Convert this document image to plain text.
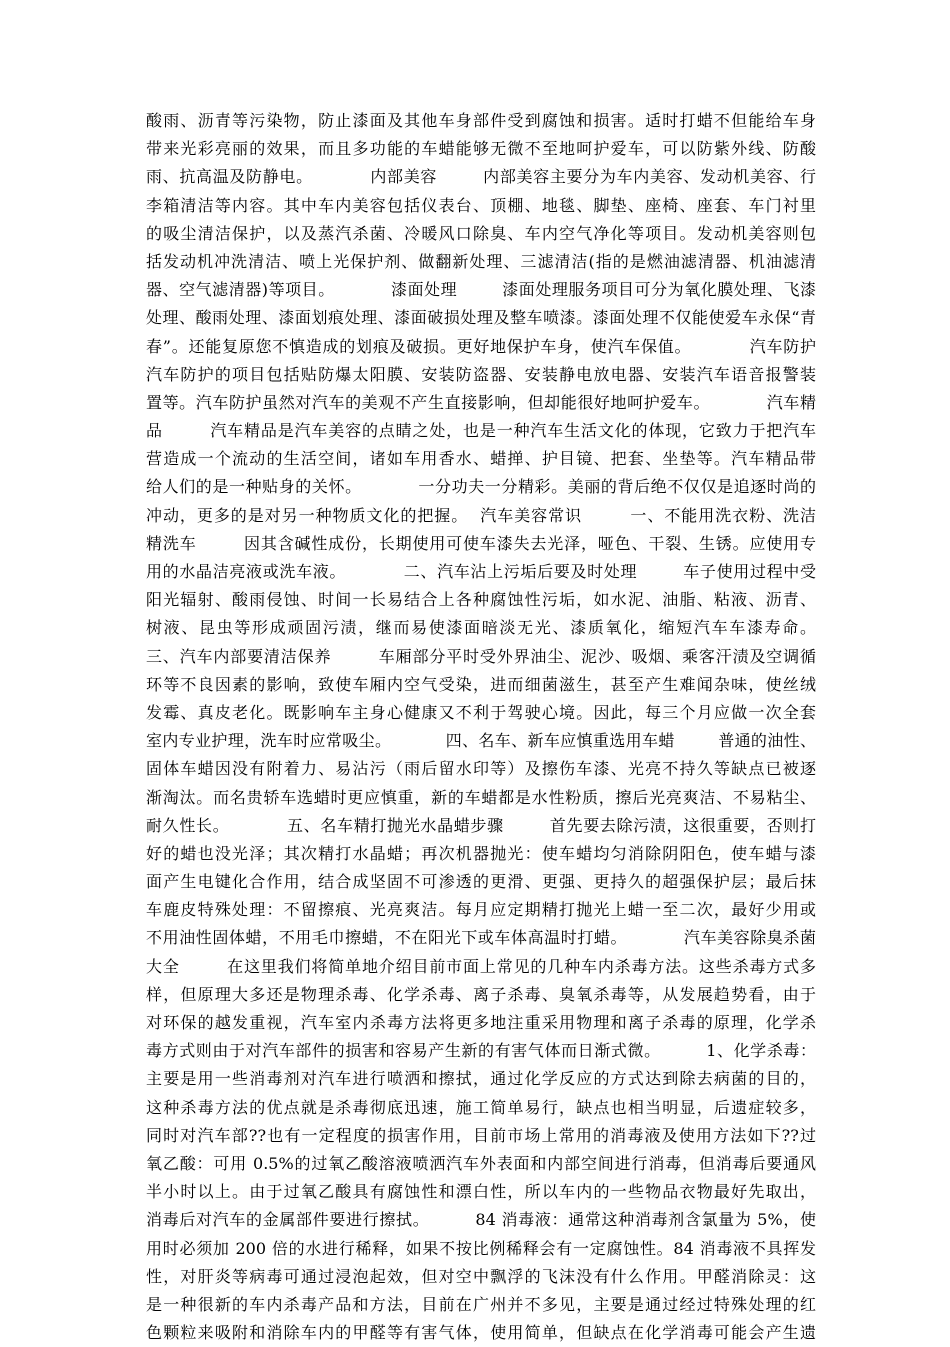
酸雨、沥青等污染物，防止漆面及其他车身部件受到腐蚀和损害。适时打蜡不但能给车身
带来光彩亮丽的效果，而且多功能的车蜡能够无微不至地呵护爱车，可以防紫外线、防酸
雨、抗高温及防静电。          内部美容        内部美容主要分为车内美容、发动机美容、行
李箱清洁等内容。其中车内美容包括仪表台、顶棚、地毯、脚垫、座椅、座套、车门衬里
的吸尘清洁保护，以及蒸汽杀菌、冷暖风口除臭、车内空气净化等项目。发动机美容则包
括发动机冲洗清洁、喷上光保护剂、做翻新处理、三滤清洁(指的是燃油滤清器、机油滤清
器、空气滤清器)等项目。          漆面处理        漆面处理服务项目可分为氧化膜处理、飞漆
处理、酸雨处理、漆面划痕处理、漆面破损处理及整车喷漆。漆面处理不仅能使爱车永保“青
春”。还能复原您不慎造成的划痕及破损。更好地保护车身，使汽车保值。          汽车防护
汽车防护的项目包括贴防爆太阳膜、安装防盗器、安装静电放电器、安装汽车语音报警装
置等。汽车防护虽然对汽车的美观不产生直接影响，但却能很好地呵护爱车。          汽车精
品        汽车精品是汽车美容的点睛之处，也是一种汽车生活文化的体现，它致力于把汽车
营造成一个流动的生活空间，诸如车用香水、蜡掸、护目镜、把套、坐垫等。汽车精品带
给人们的是一种贴身的关怀。          一分功夫一分精彩。美丽的背后绝不仅仅是追逐时尚的
冲动，更多的是对另一种物质文化的把握。  汽车美容常识        一、不能用洗衣粉、洗洁
精洗车        因其含碱性成份，长期使用可使车漆失去光泽，哑色、干裂、生锈。应使用专
用的水晶洁亮液或洗车液。          二、汽车沾上污垢后要及时处理        车子使用过程中受
阳光辐射、酸雨侵蚀、时间一长易结合上各种腐蚀性污垢，如水泥、油脂、粘液、沥青、
树液、昆虫等形成顽固污渍，继而易使漆面暗淡无光、漆质氧化，缩短汽车车漆寿命。
三、汽车内部要清洁保养        车厢部分平时受外界油尘、泥沙、吸烟、乘客汗渍及空调循
环等不良因素的影响，致使车厢内空气受染，进而细菌滋生，甚至产生难闻杂味，使丝绒
发霉、真皮老化。既影响车主身心健康又不利于驾驶心境。因此，每三个月应做一次全套
室内专业护理，洗车时应常吸尘。          四、名车、新车应慎重选用车蜡        普通的油性、
固体车蜡因没有附着力、易沾污（雨后留水印等）及擦伤车漆、光亮不持久等缺点已被逐
渐淘汰。而名贵轿车选蜡时更应慎重，新的车蜡都是水性粉质，擦后光亮爽洁、不易粘尘、
耐久性长。          五、名车精打抛光水晶蜡步骤        首先要去除污渍，这很重要，否则打
好的蜡也没光泽；其次精打水晶蜡；再次机器抛光：使车蜡均匀消除阴阳色，使车蜡与漆
面产生电键化合作用，结合成坚固不可渗透的更滑、更强、更持久的超强保护层；最后抹
车鹿皮特殊处理：不留擦痕、光亮爽洁。每月应定期精打抛光上蜡一至二次，最好少用或
不用油性固体蜡，不用毛巾擦蜡，不在阳光下或车体高温时打蜡。          汽车美容除臭杀菌
大全        在这里我们将简单地介绍目前市面上常见的几种车内杀毒方法。这些杀毒方式多
样，但原理大多还是物理杀毒、化学杀毒、离子杀毒、臭氧杀毒等，从发展趋势看，由于
对环保的越发重视，汽车室内杀毒方法将更多地注重采用物理和离子杀毒的原理，化学杀
毒方式则由于对汽车部件的损害和容易产生新的有害气体而日渐式微。        1、化学杀毒：
主要是用一些消毒剂对汽车进行喷洒和擦拭，通过化学反应的方式达到除去病菌的目的，
这种杀毒方法的优点就是杀毒彻底迅速，施工简单易行，缺点也相当明显，后遗症较多，
同时对汽车部??也有一定程度的损害作用，目前市场上常用的消毒液及使用方法如下??过
氧乙酸：可用 0.5%的过氧乙酸溶液喷洒汽车外表面和内部空间进行消毒，但消毒后要通风
半小时以上。由于过氧乙酸具有腐蚀性和漂白性，所以车内的一些物品衣物最好先取出，
消毒后对汽车的金属部件要进行擦拭。        84 消毒液：通常这种消毒剂含氯量为 5%，使
用时必须加 200 倍的水进行稀释，如果不按比例稀释会有一定腐蚀性。84 消毒液不具挥发
性，对肝炎等病毒可通过浸泡起效，但对空中飘浮的飞沫没有什么作用。甲醛消除灵：这
是一种很新的车内杀毒产品和方法，目前在广州并不多见，主要是通过经过特殊处理的红
色颗粒来吸附和消除车内的甲醛等有害气体，使用简单，但缺点在化学消毒可能会产生遗
